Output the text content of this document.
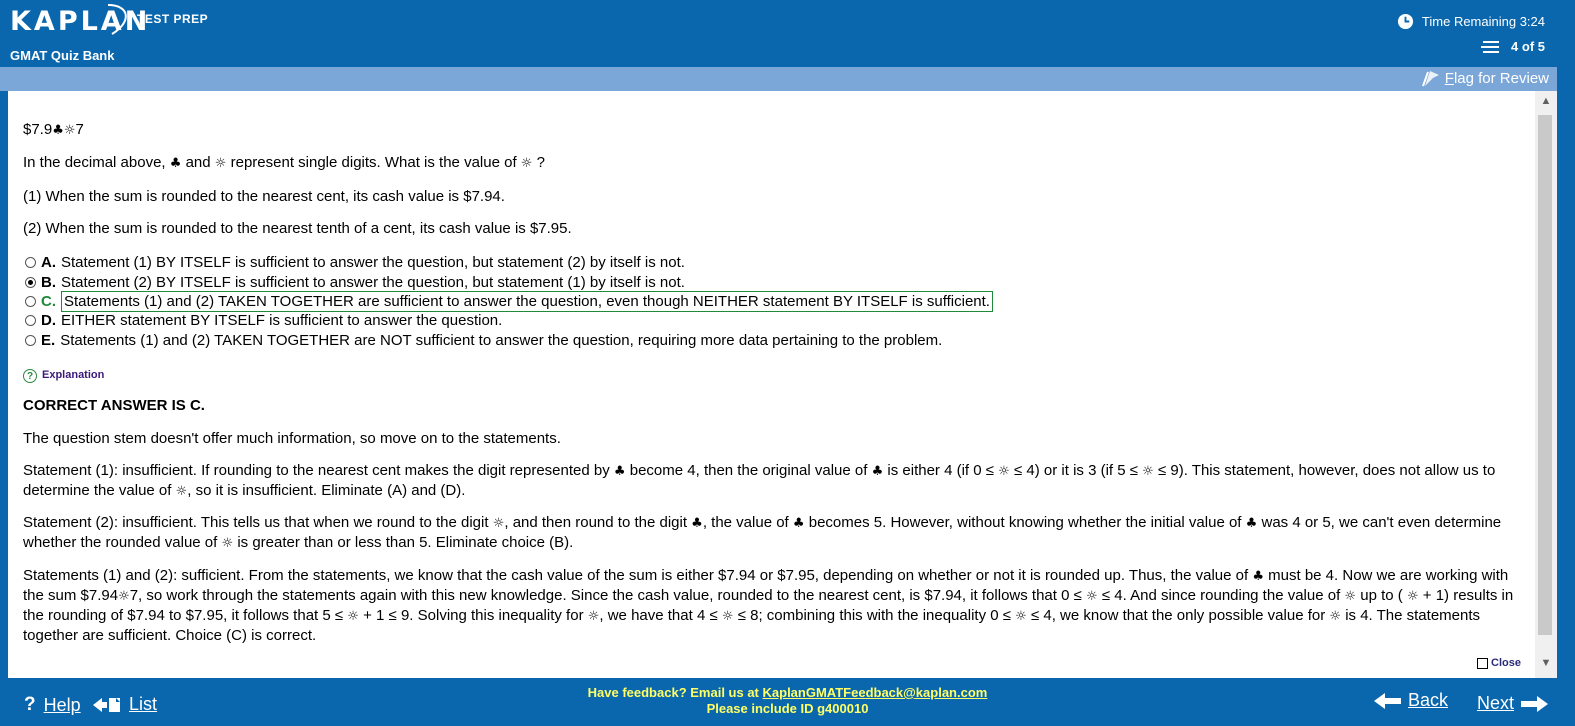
KAPLAN
TEST PREP
GMAT Quiz Bank
Time Remaining 3:24
4 of 5
Flag for Review
$7.9♣☼7
In the decimal above, ♣ and ☼ represent single digits. What is the value of ☼ ?
(1) When the sum is rounded to the nearest cent, its cash value is $7.94.
(2) When the sum is rounded to the nearest tenth of a cent, its cash value is $7.95.
A. Statement (1) BY ITSELF is sufficient to answer the question, but statement (2) by itself is not.
B. Statement (2) BY ITSELF is sufficient to answer the question, but statement (1) by itself is not.
C. Statements (1) and (2) TAKEN TOGETHER are sufficient to answer the question, even though NEITHER statement BY ITSELF is sufficient.
D. EITHER statement BY ITSELF is sufficient to answer the question.
E. Statements (1) and (2) TAKEN TOGETHER are NOT sufficient to answer the question, requiring more data pertaining to the problem.
? Explanation
CORRECT ANSWER IS C.
The question stem doesn't offer much information, so move on to the statements.
Statement (1): insufficient. If rounding to the nearest cent makes the digit represented by ♣ become 4, then the original value of ♣ is either 4 (if 0 ≤ ☼ ≤ 4) or it is 3 (if 5 ≤ ☼ ≤ 9). This statement, however, does not allow us to determine the value of ☼, so it is insufficient. Eliminate (A) and (D).
Statement (2): insufficient. This tells us that when we round to the digit ☼, and then round to the digit ♣, the value of ♣ becomes 5. However, without knowing whether the initial value of ♣ was 4 or 5, we can't even determine whether the rounded value of ☼ is greater than or less than 5. Eliminate choice (B).
Statements (1) and (2): sufficient. From the statements, we know that the cash value of the sum is either $7.94 or $7.95, depending on whether or not it is rounded up. Thus, the value of ♣ must be 4. Now we are working with the sum $7.94☼7, so work through the statements again with this new knowledge. Since the cash value, rounded to the nearest cent, is $7.94, it follows that 0 ≤ ☼ ≤ 4. And since rounding the value of ☼ up to ( ☼ + 1) results in the rounding of $7.94 to $7.95, it follows that 5 ≤ ☼ + 1 ≤ 9. Solving this inequality for ☼, we have that 4 ≤ ☼ ≤ 8; combining this with the inequality 0 ≤ ☼ ≤ 4, we know that the only possible value for ☼ is 4. The statements together are sufficient. Choice (C) is correct.
Close
▲
▼
? Help	List
Have feedback? Email us at KaplanGMATFeedback@kaplan.com
Please include ID g400010	Back Next
